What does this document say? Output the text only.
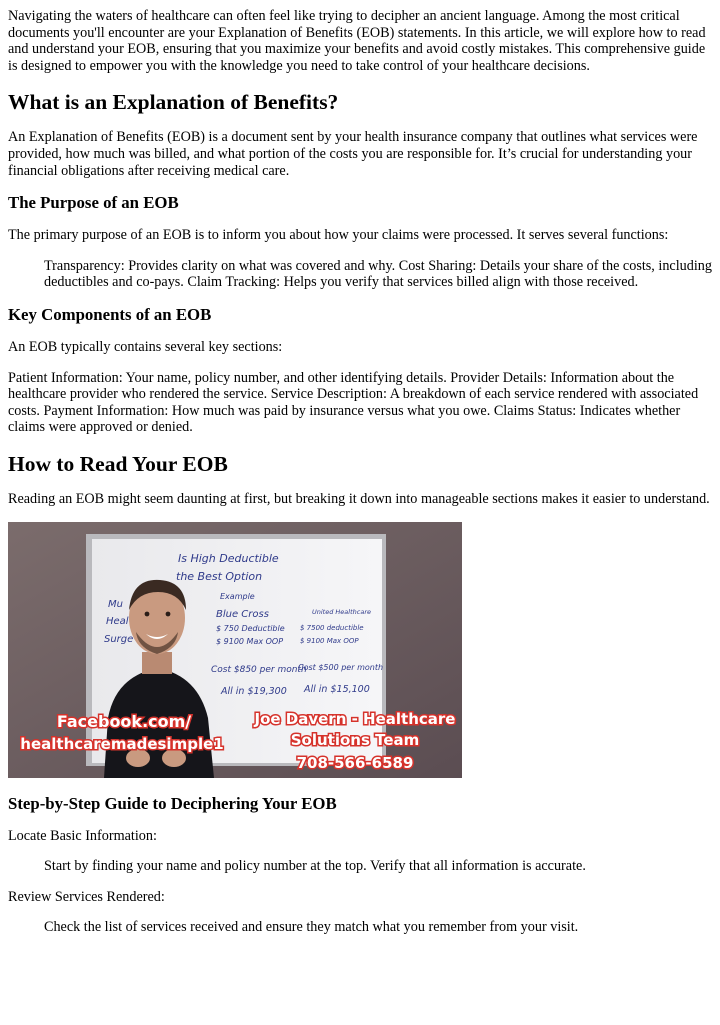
Navigating the waters of healthcare can often feel like trying to decipher an ancient language. Among the most critical documents you'll encounter are your Explanation of Benefits (EOB) statements. In this article, we will explore how to read and understand your EOB, ensuring that you maximize your benefits and avoid costly mistakes. This comprehensive guide is designed to empower you with the knowledge you need to take control of your healthcare decisions.

What is an Explanation of Benefits?

An Explanation of Benefits (EOB) is a document sent by your health insurance company that outlines what services were provided, how much was billed, and what portion of the costs you are responsible for. It’s crucial for understanding your financial obligations after receiving medical care.

The Purpose of an EOB

The primary purpose of an EOB is to inform you about how your claims were processed. It serves several functions:

Transparency: Provides clarity on what was covered and why. Cost Sharing: Details your share of the costs, including deductibles and co-pays. Claim Tracking: Helps you verify that services billed align with those received.

Key Components of an EOB

An EOB typically contains several key sections:

Patient Information: Your name, policy number, and other identifying details. Provider Details: Information about the healthcare provider who rendered the service. Service Description: A breakdown of each service rendered with associated costs. Payment Information: How much was paid by insurance versus what you owe. Claims Status: Indicates whether claims were approved or denied.

How to Read Your EOB

Reading an EOB might seem daunting at first, but breaking it down into manageable sections makes it easier to understand.

Is High Deductible
the Best Option
Example
Blue Cross
$ 750 Deductible
$ 9100 Max OOP
United Healthcare
$ 7500 deductible
$ 9100 Max OOP
Cost $850 per month
Cost $500 per month
All in $19,300 All in $15,100
Mu
Heal
Surge
Facebook.com/
healthcaremadesimple1
Joe Davern - Healthcare
Solutions Team
708-566-6589
Step-by-Step Guide to Deciphering Your EOB

Locate Basic Information:

Start by finding your name and policy number at the top. Verify that all information is accurate.

Review Services Rendered:

Check the list of services received and ensure they match what you remember from your visit.
